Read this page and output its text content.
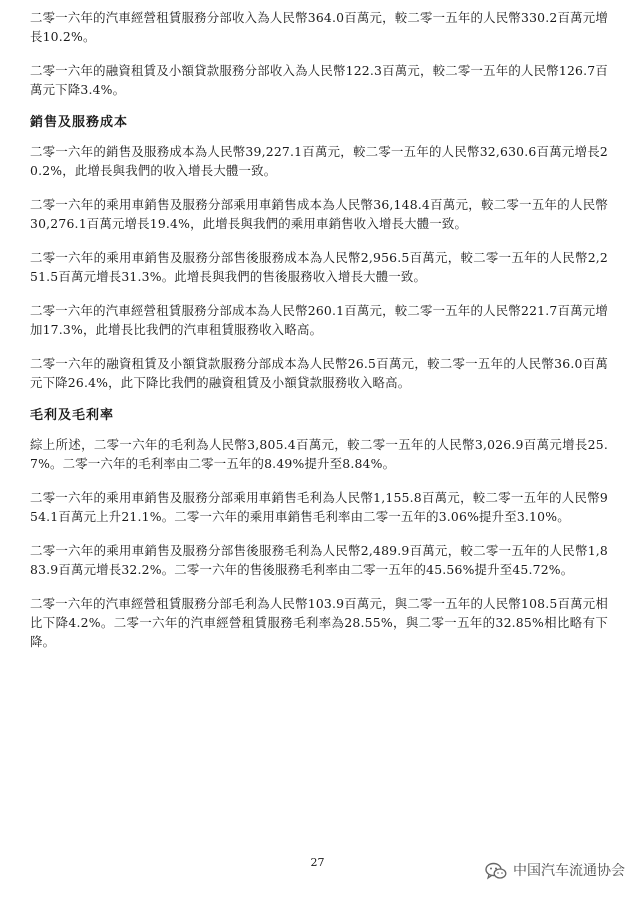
二零一六年的汽車經營租賃服務分部收入為人民幣364.0百萬元，較二零一五年的人民幣330.2百萬元增長10.2%。

二零一六年的融資租賃及小額貸款服務分部收入為人民幣122.3百萬元，較二零一五年的人民幣126.7百萬元下降3.4%。

銷售及服務成本

二零一六年的銷售及服務成本為人民幣39,227.1百萬元，較二零一五年的人民幣32,630.6百萬元增長20.2%，此增長與我們的收入增長大體一致。

二零一六年的乘用車銷售及服務分部乘用車銷售成本為人民幣36,148.4百萬元，較二零一五年的人民幣30,276.1百萬元增長19.4%，此增長與我們的乘用車銷售收入增長大體一致。

二零一六年的乘用車銷售及服務分部售後服務成本為人民幣2,956.5百萬元，較二零一五年的人民幣2,251.5百萬元增長31.3%。此增長與我們的售後服務收入增長大體一致。

二零一六年的汽車經營租賃服務分部成本為人民幣260.1百萬元，較二零一五年的人民幣221.7百萬元增加17.3%，此增長比我們的汽車租賃服務收入略高。

二零一六年的融資租賃及小額貸款服務分部成本為人民幣26.5百萬元，較二零一五年的人民幣36.0百萬元下降26.4%，此下降比我們的融資租賃及小額貸款服務收入略高。

毛利及毛利率

綜上所述，二零一六年的毛利為人民幣3,805.4百萬元，較二零一五年的人民幣3,026.9百萬元增長25.7%。二零一六年的毛利率由二零一五年的8.49%提升至8.84%。

二零一六年的乘用車銷售及服務分部乘用車銷售毛利為人民幣1,155.8百萬元，較二零一五年的人民幣954.1百萬元上升21.1%。二零一六年的乘用車銷售毛利率由二零一五年的3.06%提升至3.10%。

二零一六年的乘用車銷售及服務分部售後服務毛利為人民幣2,489.9百萬元，較二零一五年的人民幣1,883.9百萬元增長32.2%。二零一六年的售後服務毛利率由二零一五年的45.56%提升至45.72%。

二零一六年的汽車經營租賃服務分部毛利為人民幣103.9百萬元，與二零一五年的人民幣108.5百萬元相比下降4.2%。二零一六年的汽車經營租賃服務毛利率為28.55%，與二零一五年的32.85%相比略有下降。

27
中国汽车流通协会
